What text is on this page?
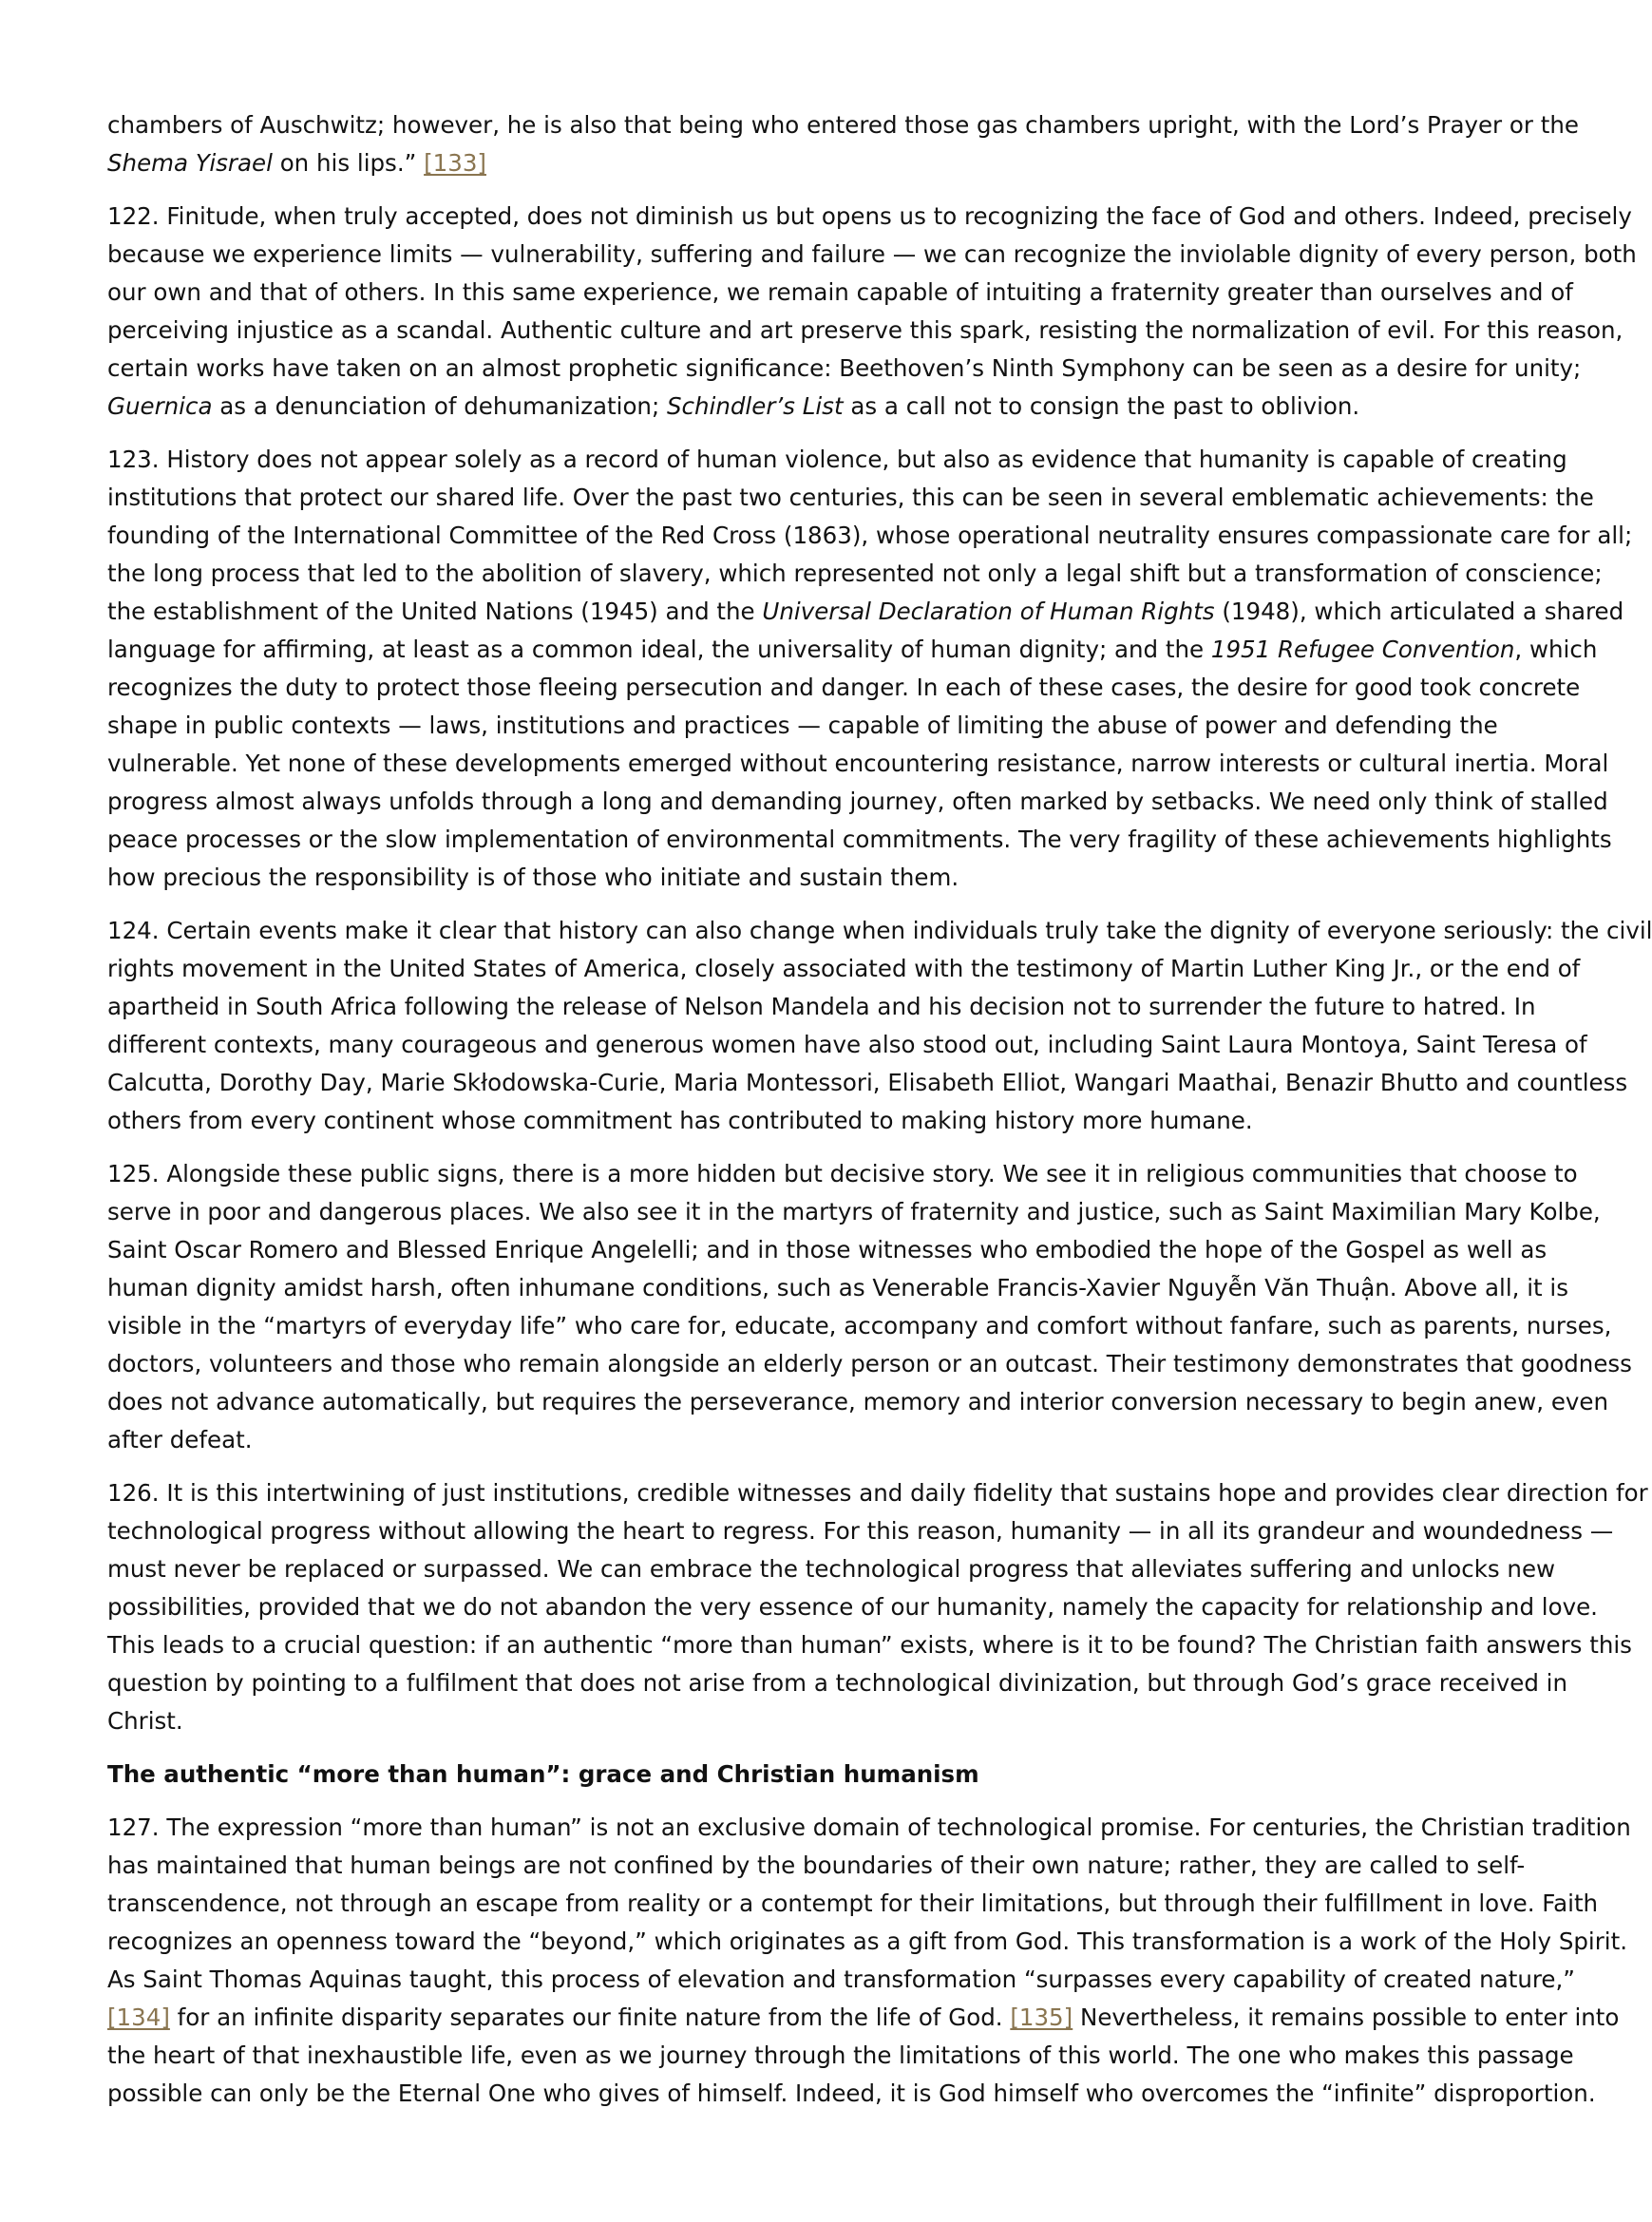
chambers of Auschwitz; however, he is also that being who entered those gas chambers upright, with the Lord’s Prayer or the
Shema Yisrael on his lips.” [133]

122. Finitude, when truly accepted, does not diminish us but opens us to recognizing the face of God and others. Indeed, precisely
because we experience limits — vulnerability, suffering and failure — we can recognize the inviolable dignity of every person, both
our own and that of others. In this same experience, we remain capable of intuiting a fraternity greater than ourselves and of
perceiving injustice as a scandal. Authentic culture and art preserve this spark, resisting the normalization of evil. For this reason,
certain works have taken on an almost prophetic significance: Beethoven’s Ninth Symphony can be seen as a desire for unity;
Guernica as a denunciation of dehumanization; Schindler’s List as a call not to consign the past to oblivion.

123. History does not appear solely as a record of human violence, but also as evidence that humanity is capable of creating
institutions that protect our shared life. Over the past two centuries, this can be seen in several emblematic achievements: the
founding of the International Committee of the Red Cross (1863), whose operational neutrality ensures compassionate care for all;
the long process that led to the abolition of slavery, which represented not only a legal shift but a transformation of conscience;
the establishment of the United Nations (1945) and the Universal Declaration of Human Rights (1948), which articulated a shared
language for affirming, at least as a common ideal, the universality of human dignity; and the 1951 Refugee Convention, which
recognizes the duty to protect those fleeing persecution and danger. In each of these cases, the desire for good took concrete
shape in public contexts — laws, institutions and practices — capable of limiting the abuse of power and defending the
vulnerable. Yet none of these developments emerged without encountering resistance, narrow interests or cultural inertia. Moral
progress almost always unfolds through a long and demanding journey, often marked by setbacks. We need only think of stalled
peace processes or the slow implementation of environmental commitments. The very fragility of these achievements highlights
how precious the responsibility is of those who initiate and sustain them.

124. Certain events make it clear that history can also change when individuals truly take the dignity of everyone seriously: the civil
rights movement in the United States of America, closely associated with the testimony of Martin Luther King Jr., or the end of
apartheid in South Africa following the release of Nelson Mandela and his decision not to surrender the future to hatred. In
different contexts, many courageous and generous women have also stood out, including Saint Laura Montoya, Saint Teresa of
Calcutta, Dorothy Day, Marie Skłodowska-Curie, Maria Montessori, Elisabeth Elliot, Wangari Maathai, Benazir Bhutto and countless
others from every continent whose commitment has contributed to making history more humane.

125. Alongside these public signs, there is a more hidden but decisive story. We see it in religious communities that choose to
serve in poor and dangerous places. We also see it in the martyrs of fraternity and justice, such as Saint Maximilian Mary Kolbe,
Saint Oscar Romero and Blessed Enrique Angelelli; and in those witnesses who embodied the hope of the Gospel as well as
human dignity amidst harsh, often inhumane conditions, such as Venerable Francis-Xavier Nguyễn Văn Thuận. Above all, it is
visible in the “martyrs of everyday life” who care for, educate, accompany and comfort without fanfare, such as parents, nurses,
doctors, volunteers and those who remain alongside an elderly person or an outcast. Their testimony demonstrates that goodness
does not advance automatically, but requires the perseverance, memory and interior conversion necessary to begin anew, even
after defeat.

126. It is this intertwining of just institutions, credible witnesses and daily fidelity that sustains hope and provides clear direction for
technological progress without allowing the heart to regress. For this reason, humanity — in all its grandeur and woundedness —
must never be replaced or surpassed. We can embrace the technological progress that alleviates suffering and unlocks new
possibilities, provided that we do not abandon the very essence of our humanity, namely the capacity for relationship and love.
This leads to a crucial question: if an authentic “more than human” exists, where is it to be found? The Christian faith answers this
question by pointing to a fulfilment that does not arise from a technological divinization, but through God’s grace received in
Christ.

The authentic “more than human”: grace and Christian humanism

127. The expression “more than human” is not an exclusive domain of technological promise. For centuries, the Christian tradition
has maintained that human beings are not confined by the boundaries of their own nature; rather, they are called to self-
transcendence, not through an escape from reality or a contempt for their limitations, but through their fulfillment in love. Faith
recognizes an openness toward the “beyond,” which originates as a gift from God. This transformation is a work of the Holy Spirit.
As Saint Thomas Aquinas taught, this process of elevation and transformation “surpasses every capability of created nature,”
[134] for an infinite disparity separates our finite nature from the life of God. [135] Nevertheless, it remains possible to enter into
the heart of that inexhaustible life, even as we journey through the limitations of this world. The one who makes this passage
possible can only be the Eternal One who gives of himself. Indeed, it is God himself who overcomes the “infinite” disproportion.
